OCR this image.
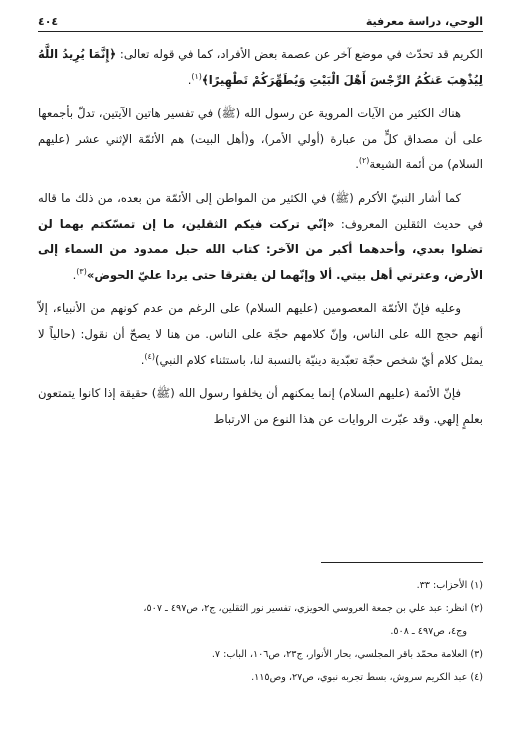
الوحي، دراسة معرفية
٤٠٤

الكريم قد تحدّث في موضع آخر عن عصمة بعض الأفراد، كما في قوله تعالى: ﴿إِنَّمَا يُرِيدُ اللَّهُ لِيُذْهِبَ عَنكُمُ الرِّجْسَ أَهْلَ الْبَيْتِ وَيُطَهِّرَكُمْ تَطْهِيرًا﴾$^{(١)}$.

هناك الكثير من الآيات المروية عن رسول الله (ﷺ) في تفسير هاتين الآيتين، تدلّ بأجمعها على أن مصداق كلٍّ من عبارة (أولي الأمر)، و(أهل البيت) هم الأئمّة الإثني عشر (عليهم السلام) من أئمة الشيعة$^{(٢)}$.

كما أشار النبيّ الأكرم (ﷺ) في الكثير من المواطن إلى الأئمّة من بعده، من ذلك ما قاله في حديث الثقلين المعروف: «إنّي تركت فيكم الثقلين، ما إن تمسّكتم بهما لن تضلوا بعدي، وأحدهما أكبر من الآخر: كتاب الله حبل ممدود من السماء إلى الأرض، وعترتي أهل بيتي. ألا وإنّهما لن يفترقا حتى يردا عليّ الحوض»$^{(٣)}$.

وعليه فإنّ الأئمّة المعصومين (عليهم السلام) على الرغم من عدم كونهم من الأنبياء، إلاّ أنهم حجج الله على الناس، وإنّ كلامهم حجّة على الناس. من هنا لا يصحّ أن نقول: (حالياً لا يمثل كلام أيّ شخص حجّة تعبّدية دينيّة بالنسبة لنا، باستثناء كلام النبي)$^{(٤)}$.

فإنّ الأئمة (عليهم السلام) إنما يمكنهم أن يخلفوا رسول الله (ﷺ) حقيقة إذا كانوا يتمتعون بعلمٍ إلهي. وقد عبّرت الروايات عن هذا النوع من الارتباط

(١) الأحزاب: ٣٣.
(٢) انظر: عبد علي بن جمعة العروسي الحويزي، تفسير نور الثقلين، ج٢، ص٤٩٧ ـ ٥٠٧،
وج٤، ص٤٩٧ ـ ٥٠٨.
(٣) العلامة محمّد باقر المجلسي، بحار الأنوار، ج٢٣، ص١٠٦، الباب: ٧.
(٤) عبد الكريم سروش، بسط تجربه نبوي، ص٢٧، وص١١٥.
